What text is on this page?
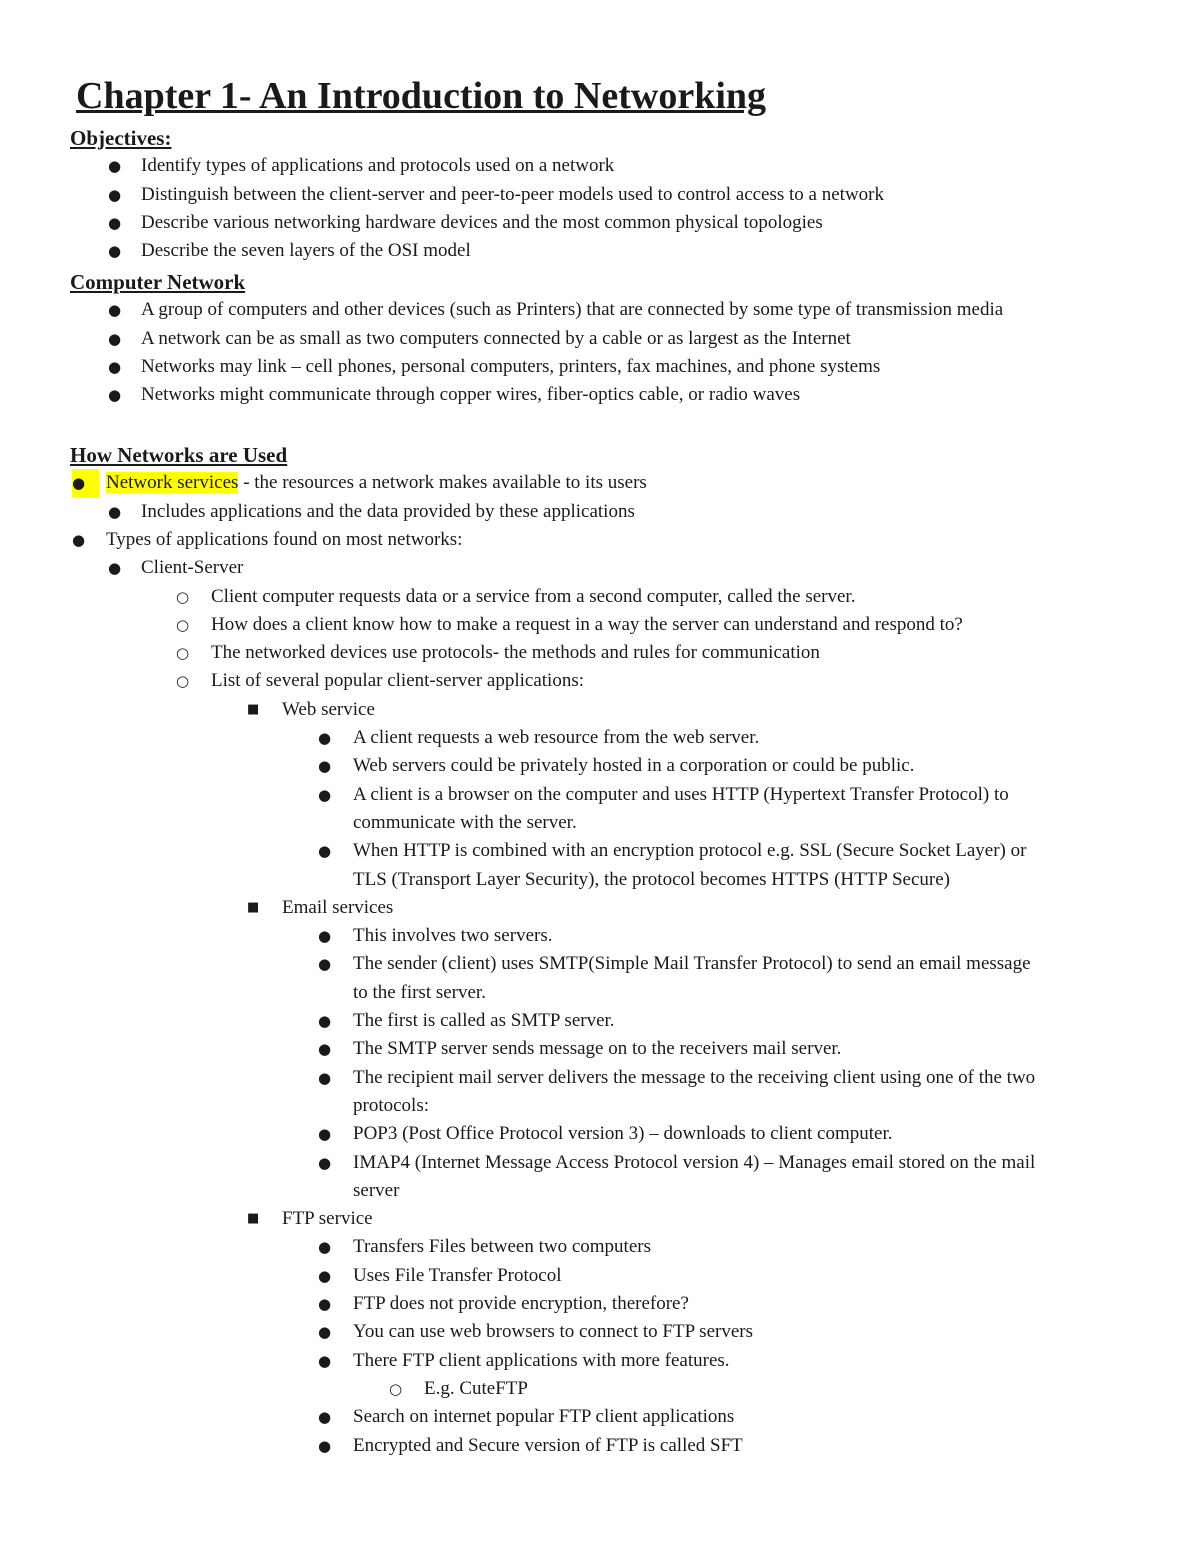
Chapter 1- An Introduction to Networking
Objectives:
● Identify types of applications and protocols used on a network
● Distinguish between the client-server and peer-to-peer models used to control access to a network
● Describe various networking hardware devices and the most common physical topologies
● Describe the seven layers of the OSI model
Computer Network
● A group of computers and other devices (such as Printers) that are connected by some type of transmission media
● A network can be as small as two computers connected by a cable or as largest as the Internet
● Networks may link – cell phones, personal computers, printers, fax machines, and phone systems
● Networks might communicate through copper wires, fiber-optics cable, or radio waves
How Networks are Used
●	Network services - the resources a network makes available to its users
● Includes applications and the data provided by these applications
● Types of applications found on most networks:
● Client-Server
○ Client computer requests data or a service from a second computer, called the server.
○ How does a client know how to make a request in a way the server can understand and respond to?
○ The networked devices use protocols- the methods and rules for communication
○ List of several popular client-server applications:
■ Web service
● A client requests a web resource from the web server.
● Web servers could be privately hosted in a corporation or could be public.
● A client is a browser on the computer and uses HTTP (Hypertext Transfer Protocol) to
communicate with the server.
● When HTTP is combined with an encryption protocol e.g. SSL (Secure Socket Layer) or
TLS (Transport Layer Security), the protocol becomes HTTPS (HTTP Secure)
■ Email services
● This involves two servers.
● The sender (client) uses SMTP(Simple Mail Transfer Protocol) to send an email message
to the first server.
● The first is called as SMTP server.
● The SMTP server sends message on to the receivers mail server.
● The recipient mail server delivers the message to the receiving client using one of the two
protocols:
● POP3 (Post Office Protocol version 3) – downloads to client computer.
● IMAP4 (Internet Message Access Protocol version 4) – Manages email stored on the mail
server
■ FTP service
● Transfers Files between two computers
● Uses File Transfer Protocol
● FTP does not provide encryption, therefore?
● You can use web browsers to connect to FTP servers
● There FTP client applications with more features.
○ E.g. CuteFTP
● Search on internet popular FTP client applications
● Encrypted and Secure version of FTP is called SFT
